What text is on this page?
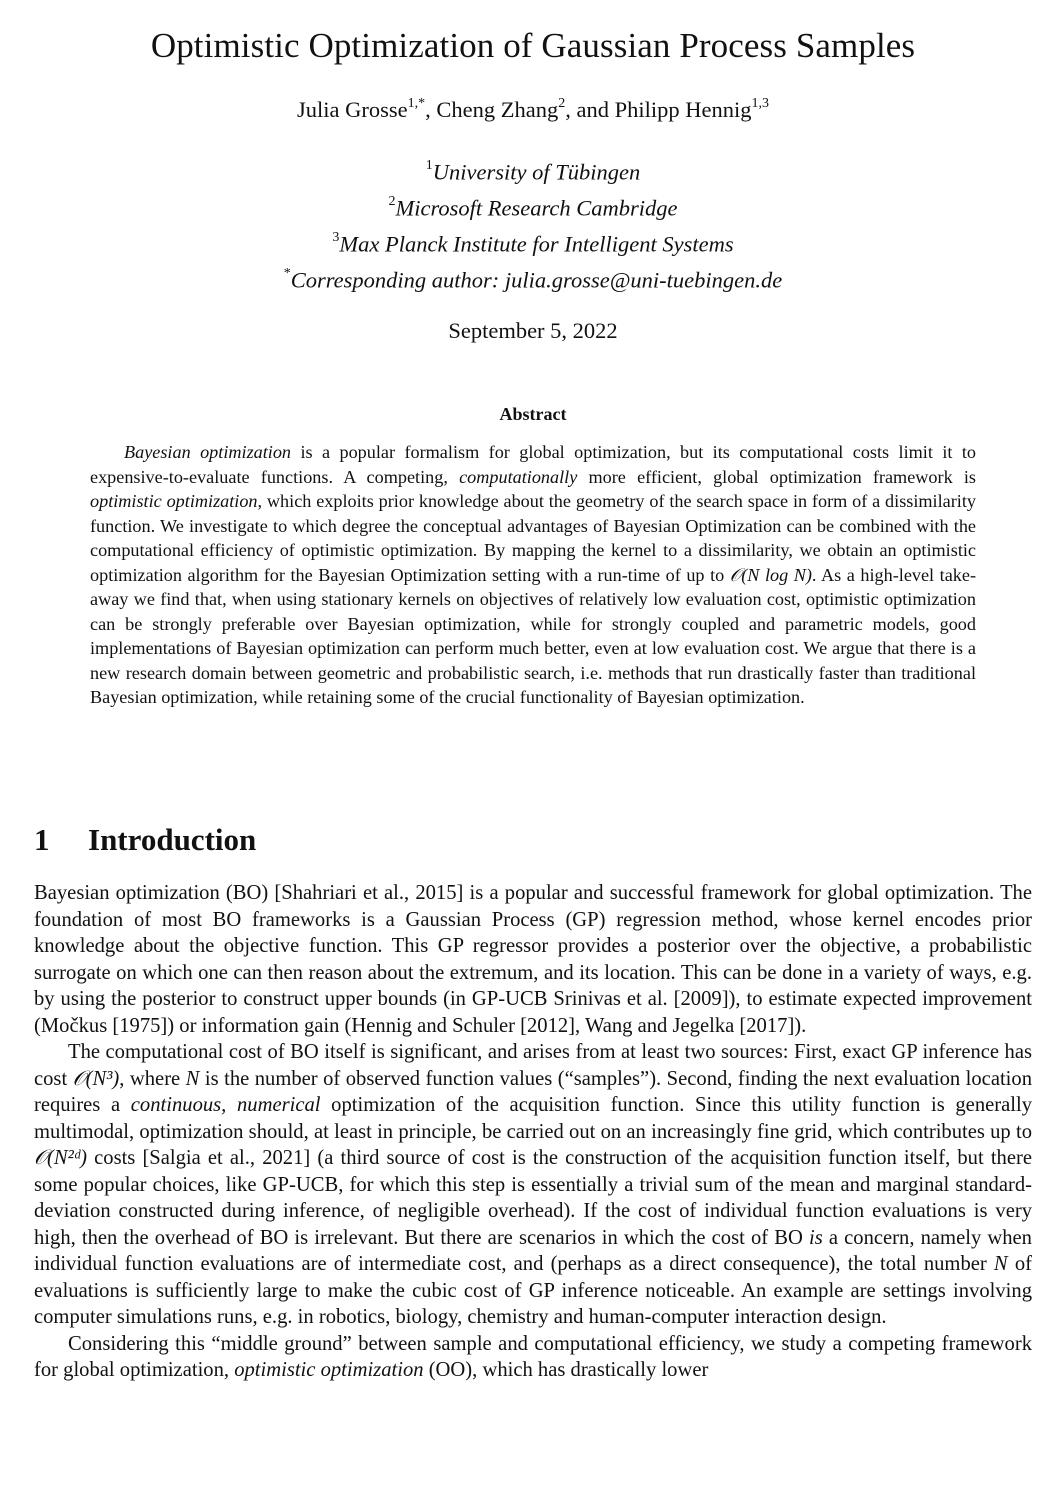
Optimistic Optimization of Gaussian Process Samples
Julia Grosse$^{1,*}$, Cheng Zhang$^2$, and Philipp Hennig$^{1,3}$
$^1$University of Tübingen
$^2$Microsoft Research Cambridge
$^3$Max Planck Institute for Intelligent Systems
*Corresponding author: julia.grosse@uni-tuebingen.de
September 5, 2022
Abstract

Bayesian optimization is a popular formalism for global optimization, but its computational costs limit it to expensive-to-evaluate functions. A competing, computationally more efficient, global optimization framework is optimistic optimization, which exploits prior knowledge about the geometry of the search space in form of a dissimilarity function. We investigate to which degree the conceptual advantages of Bayesian Optimization can be combined with the computational efficiency of optimistic optimization. By mapping the kernel to a dissimilarity, we obtain an optimistic optimization algorithm for the Bayesian Optimization setting with a run-time of up to 𝒪(N log N). As a high-level take-away we find that, when using stationary kernels on objectives of relatively low evaluation cost, optimistic optimization can be strongly preferable over Bayesian optimization, while for strongly coupled and parametric models, good implementations of Bayesian optimization can perform much better, even at low evaluation cost. We argue that there is a new research domain between geometric and probabilistic search, i.e. methods that run drastically faster than traditional Bayesian optimization, while retaining some of the crucial functionality of Bayesian optimization.

1 Introduction

Bayesian optimization (BO) [Shahriari et al., 2015] is a popular and successful framework for global optimization. The foundation of most BO frameworks is a Gaussian Process (GP) regression method, whose kernel encodes prior knowledge about the objective function. This GP regressor provides a posterior over the objective, a probabilistic surrogate on which one can then reason about the extremum, and its location. This can be done in a variety of ways, e.g. by using the posterior to construct upper bounds (in GP-UCB Srinivas et al. [2009]), to estimate expected improvement (Močkus [1975]) or information gain (Hennig and Schuler [2012], Wang and Jegelka [2017]).

The computational cost of BO itself is significant, and arises from at least two sources: First, exact GP inference has cost 𝒪(N³), where N is the number of observed function values (“samples”). Second, finding the next evaluation location requires a continuous, numerical optimization of the acquisition function. Since this utility function is generally multimodal, optimization should, at least in principle, be carried out on an increasingly fine grid, which contributes up to 𝒪(N²ᵈ) costs [Salgia et al., 2021] (a third source of cost is the construction of the acquisition function itself, but there some popular choices, like GP-UCB, for which this step is essentially a trivial sum of the mean and marginal standard-deviation constructed during inference, of negligible overhead). If the cost of individual function evaluations is very high, then the overhead of BO is irrelevant. But there are scenarios in which the cost of BO is a concern, namely when individual function evaluations are of intermediate cost, and (perhaps as a direct consequence), the total number N of evaluations is sufficiently large to make the cubic cost of GP inference noticeable. An example are settings involving computer simulations runs, e.g. in robotics, biology, chemistry and human-computer interaction design.

Considering this “middle ground” between sample and computational efficiency, we study a competing framework for global optimization, optimistic optimization (OO), which has drastically lower
